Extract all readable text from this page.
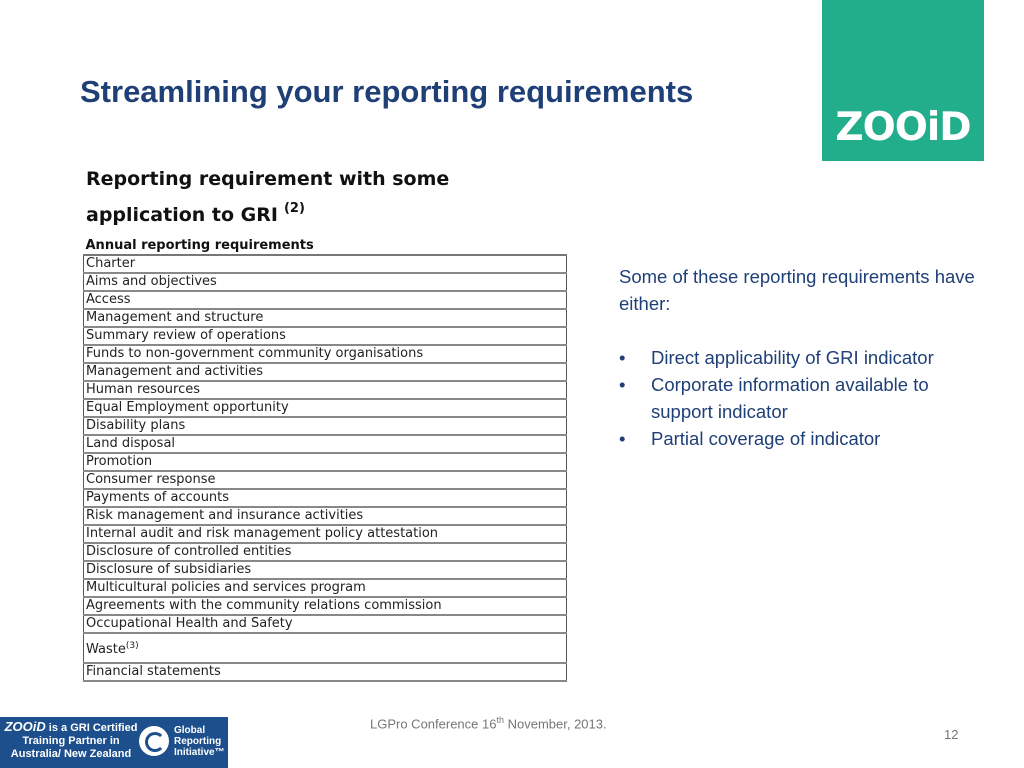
Streamlining your reporting requirements
ZOOiD
Reporting requirement with some
application to GRI $^{(2)}$
Annual reporting requirements
Charter
Aims and objectives
Access
Management and structure
Summary review of operations
Funds to non-government community organisations
Management and activities
Human resources
Equal Employment opportunity
Disability plans
Land disposal
Promotion
Consumer response
Payments of accounts
Risk management and insurance activities
Internal audit and risk management policy attestation
Disclosure of controlled entities
Disclosure of subsidiaries
Multicultural policies and services program
Agreements with the community relations commission
Occupational Health and Safety
Waste$^{(3)}$
Financial statements

Some of these reporting requirements have either:

• Direct applicability of GRI indicator
• Corporate information available to support indicator
• Partial coverage of indicator
ZOOiD is a GRI Certified
Training Partner in
Australia/ New Zealand
Global
Reporting
Initiative™
LGPro Conference 16th November, 2013.
12
